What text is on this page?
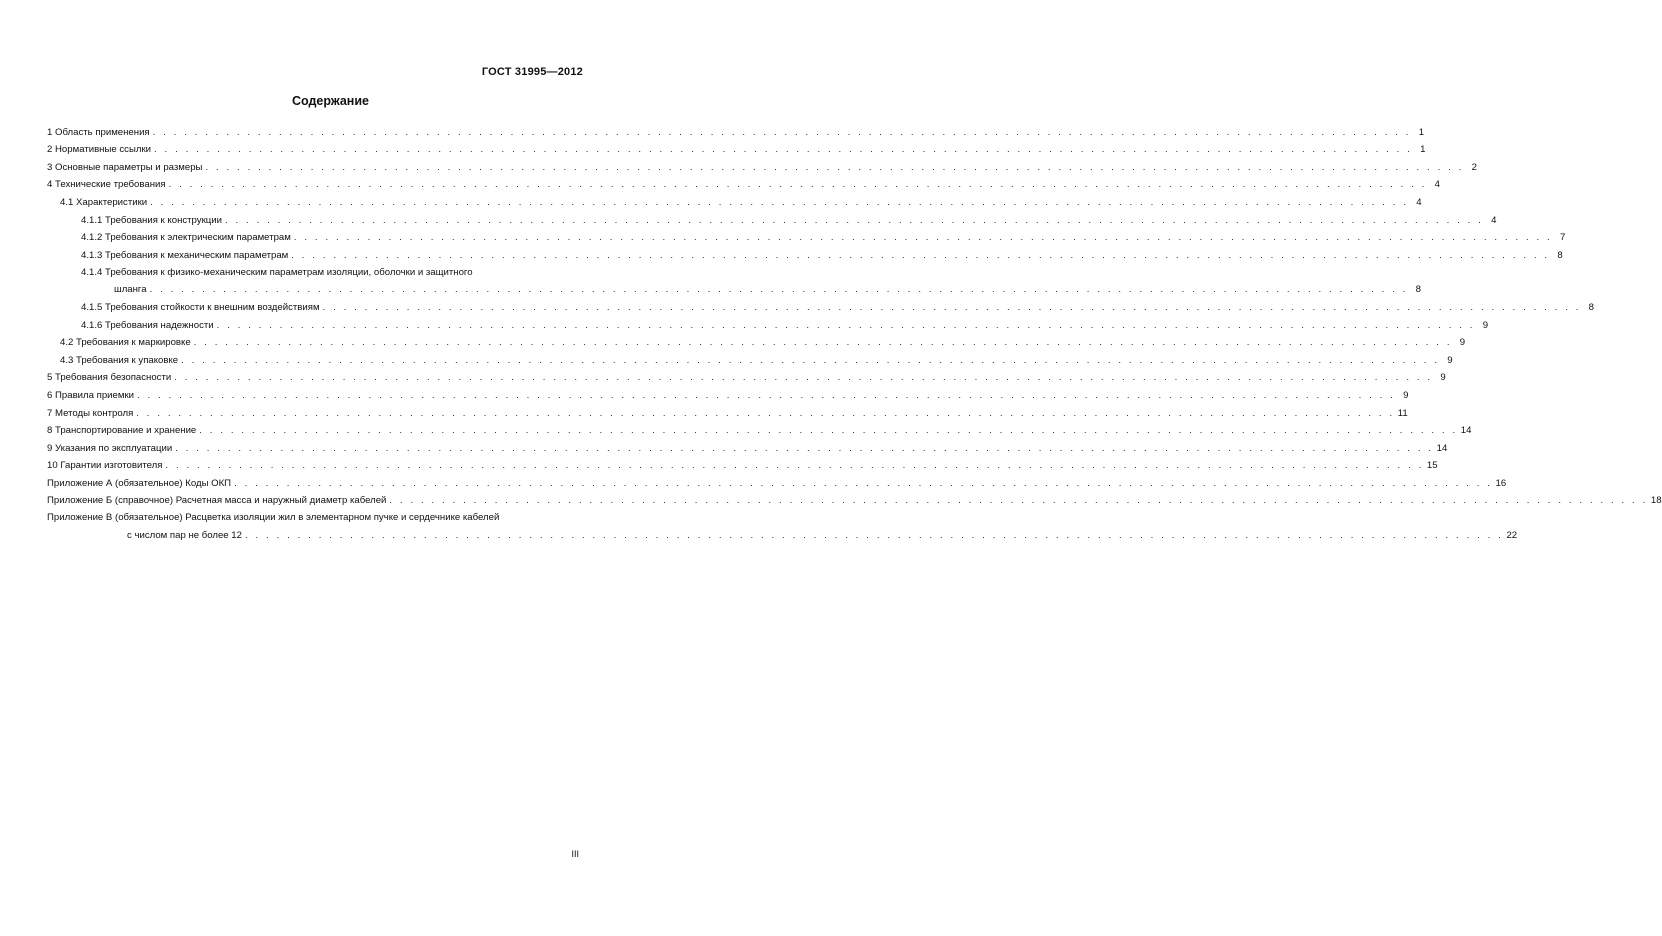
ГОСТ 31995—2012
Содержание
1 Область применения . . . . . . . . . . . . . . . . . . . . . . . . . . . . . . . . . . . . . . . . . . . . . . . . . . . . . . . . . . . . . . . . . . . . . . . . . . . . . . . . . . . . . . . . . . . . . . . . . . . . . . . . . . . . . . . . . . . . . . . . 1
2 Нормативные ссылки . . . . . . . . . . . . . . . . . . . . . . . . . . . . . . . . . . . . . . . . . . . . . . . . . . . . . . . . . . . . . . . . . . . . . . . . . . . . . . . . . . . . . . . . . . . . . . . . . . . . . . . . . . . . . . . . . . . . . . . . 1
3 Основные параметры и размеры . . . . . . . . . . . . . . . . . . . . . . . . . . . . . . . . . . . . . . . . . . . . . . . . . . . . . . . . . . . . . . . . . . . . . . . . . . . . . . . . . . . . . . . . . . . . . . . . . . . . . . . . . . . . . . . . . . . . . . . . 2
4 Технические требования . . . . . . . . . . . . . . . . . . . . . . . . . . . . . . . . . . . . . . . . . . . . . . . . . . . . . . . . . . . . . . . . . . . . . . . . . . . . . . . . . . . . . . . . . . . . . . . . . . . . . . . . . . . . . . . . . . . . . . . . 4
4.1 Характеристики . . . . . . . . . . . . . . . . . . . . . . . . . . . . . . . . . . . . . . . . . . . . . . . . . . . . . . . . . . . . . . . . . . . . . . . . . . . . . . . . . . . . . . . . . . . . . . . . . . . . . . . . . . . . . . . . . . . . . . . . 4
4.1.1 Требования к конструкции . . . . . . . . . . . . . . . . . . . . . . . . . . . . . . . . . . . . . . . . . . . . . . . . . . . . . . . . . . . . . . . . . . . . . . . . . . . . . . . . . . . . . . . . . . . . . . . . . . . . . . . . . . . . . . . . . . . . . . . . 4
4.1.2 Требования к электрическим параметрам . . . . . . . . . . . . . . . . . . . . . . . . . . . . . . . . . . . . . . . . . . . . . . . . . . . . . . . . . . . . . . . . . . . . . . . . . . . . . . . . . . . . . . . . . . . . . . . . . . . . . . . . . . . . . . . . . . . . . . . . 7
4.1.3 Требования к механическим параметрам . . . . . . . . . . . . . . . . . . . . . . . . . . . . . . . . . . . . . . . . . . . . . . . . . . . . . . . . . . . . . . . . . . . . . . . . . . . . . . . . . . . . . . . . . . . . . . . . . . . . . . . . . . . . . . . . . . . . . . . . 8
4.1.4 Требования к физико-механическим параметрам изоляции, оболочки и защитного
шланга . . . . . . . . . . . . . . . . . . . . . . . . . . . . . . . . . . . . . . . . . . . . . . . . . . . . . . . . . . . . . . . . . . . . . . . . . . . . . . . . . . . . . . . . . . . . . . . . . . . . . . . . . . . . . . . . . . . . . . . . 8
4.1.5 Требования стойкости к внешним воздействиям . . . . . . . . . . . . . . . . . . . . . . . . . . . . . . . . . . . . . . . . . . . . . . . . . . . . . . . . . . . . . . . . . . . . . . . . . . . . . . . . . . . . . . . . . . . . . . . . . . . . . . . . . . . . . . . . . . . . . . . . 8
4.1.6 Требования надежности . . . . . . . . . . . . . . . . . . . . . . . . . . . . . . . . . . . . . . . . . . . . . . . . . . . . . . . . . . . . . . . . . . . . . . . . . . . . . . . . . . . . . . . . . . . . . . . . . . . . . . . . . . . . . . . . . . . . . . . . 9
4.2 Требования к маркировке . . . . . . . . . . . . . . . . . . . . . . . . . . . . . . . . . . . . . . . . . . . . . . . . . . . . . . . . . . . . . . . . . . . . . . . . . . . . . . . . . . . . . . . . . . . . . . . . . . . . . . . . . . . . . . . . . . . . . . . . 9
4.3 Требования к упаковке . . . . . . . . . . . . . . . . . . . . . . . . . . . . . . . . . . . . . . . . . . . . . . . . . . . . . . . . . . . . . . . . . . . . . . . . . . . . . . . . . . . . . . . . . . . . . . . . . . . . . . . . . . . . . . . . . . . . . . . . 9
5 Требования безопасности . . . . . . . . . . . . . . . . . . . . . . . . . . . . . . . . . . . . . . . . . . . . . . . . . . . . . . . . . . . . . . . . . . . . . . . . . . . . . . . . . . . . . . . . . . . . . . . . . . . . . . . . . . . . . . . . . . . . . . . . 9
6 Правила приемки . . . . . . . . . . . . . . . . . . . . . . . . . . . . . . . . . . . . . . . . . . . . . . . . . . . . . . . . . . . . . . . . . . . . . . . . . . . . . . . . . . . . . . . . . . . . . . . . . . . . . . . . . . . . . . . . . . . . . . . . 9
7 Методы контроля . . . . . . . . . . . . . . . . . . . . . . . . . . . . . . . . . . . . . . . . . . . . . . . . . . . . . . . . . . . . . . . . . . . . . . . . . . . . . . . . . . . . . . . . . . . . . . . . . . . . . . . . . . . . . . . . . . . . . . . . 11
8 Транспортирование и хранение . . . . . . . . . . . . . . . . . . . . . . . . . . . . . . . . . . . . . . . . . . . . . . . . . . . . . . . . . . . . . . . . . . . . . . . . . . . . . . . . . . . . . . . . . . . . . . . . . . . . . . . . . . . . . . . . . . . . . . . . 14
9 Указания по эксплуатации . . . . . . . . . . . . . . . . . . . . . . . . . . . . . . . . . . . . . . . . . . . . . . . . . . . . . . . . . . . . . . . . . . . . . . . . . . . . . . . . . . . . . . . . . . . . . . . . . . . . . . . . . . . . . . . . . . . . . . . . 14
10 Гарантии изготовителя . . . . . . . . . . . . . . . . . . . . . . . . . . . . . . . . . . . . . . . . . . . . . . . . . . . . . . . . . . . . . . . . . . . . . . . . . . . . . . . . . . . . . . . . . . . . . . . . . . . . . . . . . . . . . . . . . . . . . . . . 15
Приложение А (обязательное) Коды ОКП . . . . . . . . . . . . . . . . . . . . . . . . . . . . . . . . . . . . . . . . . . . . . . . . . . . . . . . . . . . . . . . . . . . . . . . . . . . . . . . . . . . . . . . . . . . . . . . . . . . . . . . . . . . . . . . . . . . . . . . . 16
Приложение Б (справочное) Расчетная масса и наружный диаметр кабелей . . . . . . . . . . . . . . . . . . . . . . . . . . . . . . . . . . . . . . . . . . . . . . . . . . . . . . . . . . . . . . . . . . . . . . . . . . . . . . . . . . . . . . . . . . . . . . . . . . . . . . . . . . . . . . . . . . . . . . . . 18
Приложение В (обязательное) Расцветка изоляции жил в элементарном пучке и сердечнике кабелей
с числом пар не более 12 . . . . . . . . . . . . . . . . . . . . . . . . . . . . . . . . . . . . . . . . . . . . . . . . . . . . . . . . . . . . . . . . . . . . . . . . . . . . . . . . . . . . . . . . . . . . . . . . . . . . . . . . . . . . . . . . . . . . . . . . 22
III
